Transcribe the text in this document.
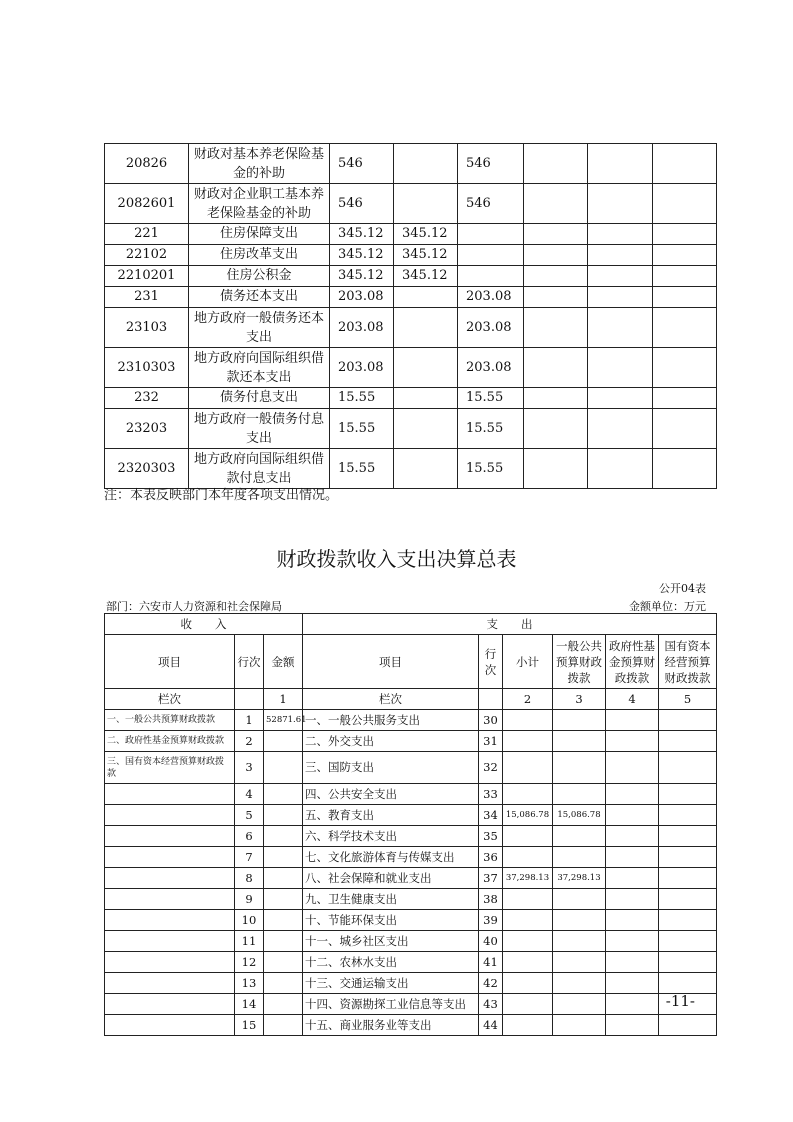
20826	财政对基本养老保险基金的补助	546		546			
2082601	财政对企业职工基本养老保险基金的补助	546		546			
221	住房保障支出	345.12	345.12				
22102	住房改革支出	345.12	345.12				
2210201	住房公积金	345.12	345.12				
231	债务还本支出	203.08		203.08			
23103	地方政府一般债务还本支出	203.08		203.08			
2310303	地方政府向国际组织借款还本支出	203.08		203.08			
232	债务付息支出	15.55		15.55			
23203	地方政府一般债务付息支出	15.55		15.55			
2320303	地方政府向国际组织借款付息支出	15.55		15.55			
注：本表反映部门本年度各项支出情况。
财政拨款收入支出决算总表
公开04表
部门：六安市人力资源和社会保障局	金额单位：万元
收　　入			支　　出					
项目	行次	金额	项目	行次	小计	一般公共预算财政拨款	政府性基金预算财政拨款	国有资本经营预算财政拨款
栏次		1	栏次		2	3	4	5
一、一般公共预算财政拨款	1	52871.61	一、一般公共服务支出	30				
二、政府性基金预算财政拨款	2		二、外交支出	31				
三、国有资本经营预算财政拨款	3		三、国防支出	32				
	4		四、公共安全支出	33				
	5		五、教育支出	34	15,086.78	15,086.78		
	6		六、科学技术支出	35				
	7		七、文化旅游体育与传媒支出	36				
	8		八、社会保障和就业支出	37	37,298.13	37,298.13		
	9		九、卫生健康支出	38				
	10		十、节能环保支出	39				
	11		十一、城乡社区支出	40				
	12		十二、农林水支出	41				
	13		十三、交通运输支出	42				
	14		十四、资源勘探工业信息等支出	43				
	15		十五、商业服务业等支出	44				
-11-
